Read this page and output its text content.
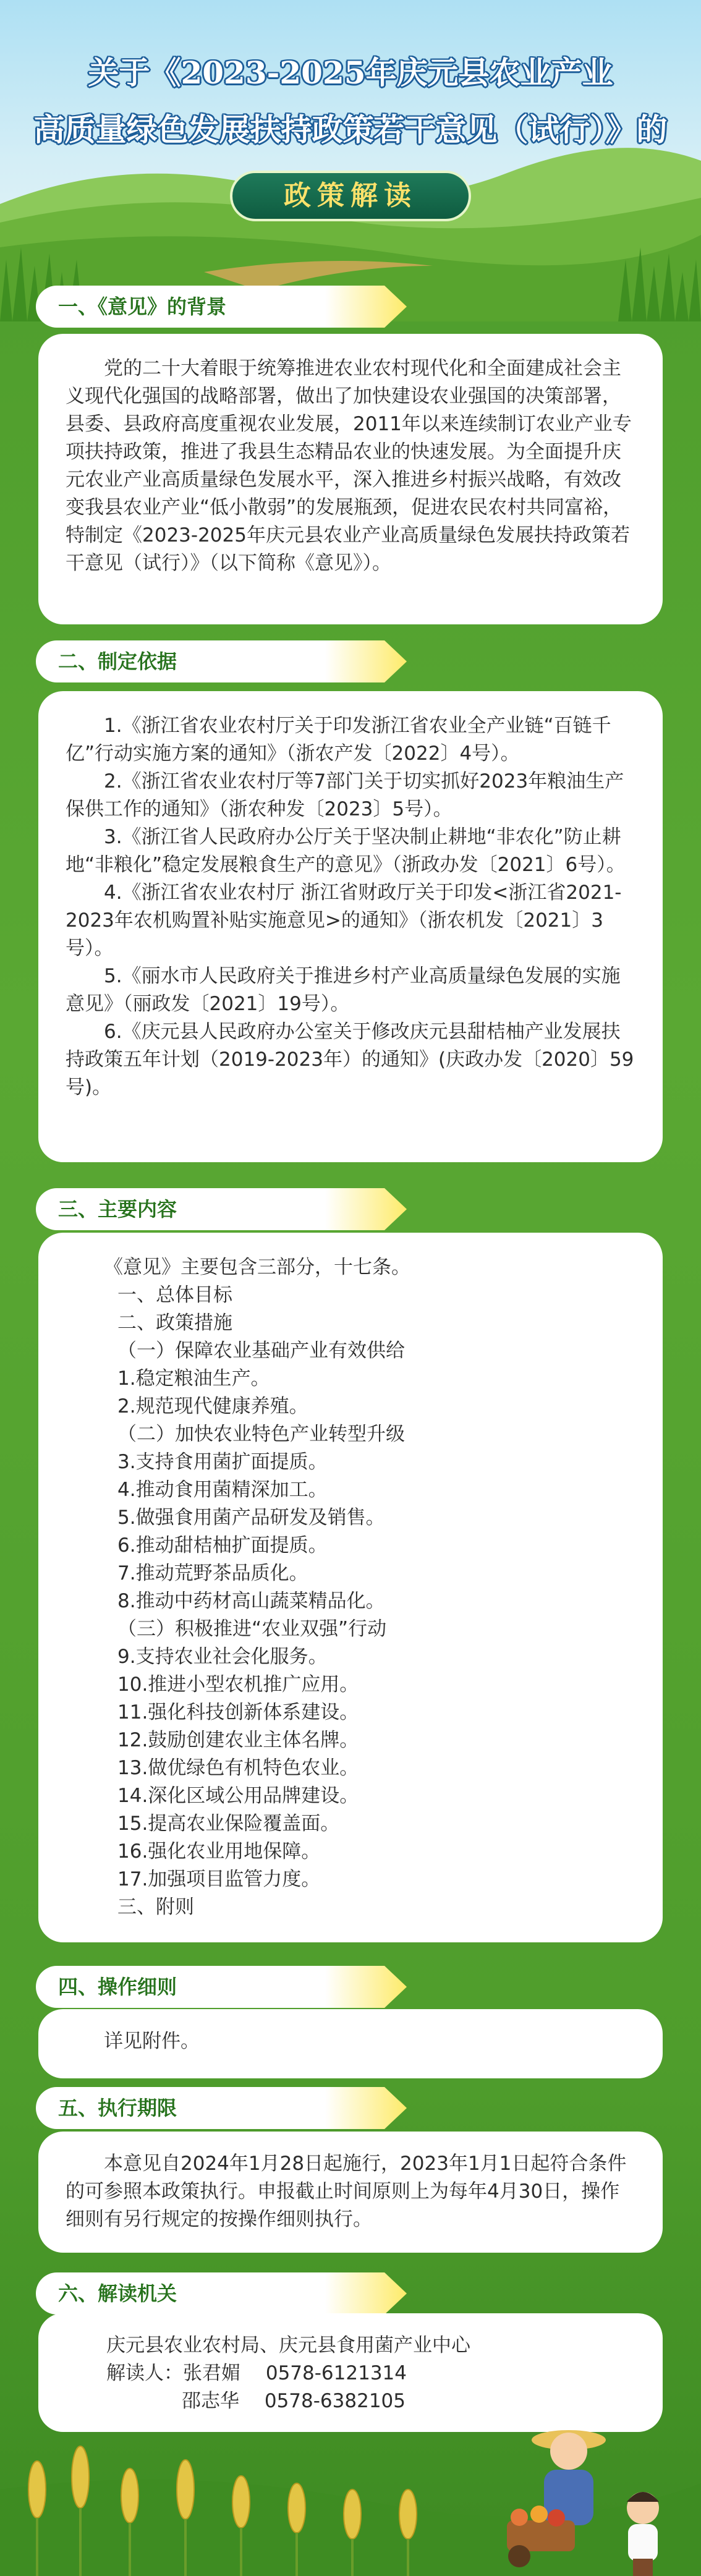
关于《2023-2025年庆元县农业产业
高质量绿色发展扶持政策若干意见（试行）》的
政策解读
一、《意见》的背景

党的二十大着眼于统筹推进农业农村现代化和全面建成社会主义现代化强国的战略部署，做出了加快建设农业强国的决策部署，县委、县政府高度重视农业发展，2011年以来连续制订农业产业专项扶持政策，推进了我县生态精品农业的快速发展。为全面提升庆元农业产业高质量绿色发展水平，深入推进乡村振兴战略，有效改变我县农业产业“低小散弱”的发展瓶颈，促进农民农村共同富裕，特制定《2023-2025年庆元县农业产业高质量绿色发展扶持政策若干意见（试行）》（以下简称《意见》）。

二、制定依据

1.《浙江省农业农村厅关于印发浙江省农业全产业链“百链千亿”行动实施方案的通知》（浙农产发〔2022〕4号）。

2.《浙江省农业农村厅等7部门关于切实抓好2023年粮油生产保供工作的通知》（浙农种发〔2023〕5号）。

3.《浙江省人民政府办公厅关于坚决制止耕地“非农化”防止耕地“非粮化”稳定发展粮食生产的意见》（浙政办发〔2021〕6号）。

4.《浙江省农业农村厅 浙江省财政厅关于印发<浙江省2021-2023年农机购置补贴实施意见>的通知》（浙农机发〔2021〕3号）。

5.《丽水市人民政府关于推进乡村产业高质量绿色发展的实施意见》（丽政发〔2021〕19号）。

6.《庆元县人民政府办公室关于修改庆元县甜桔柚产业发展扶持政策五年计划（2019-2023年）的通知》(庆政办发〔2020〕59号)。

三、主要内容

《意见》主要包含三部分，十七条。

一、总体目标

二、政策措施

（一）保障农业基础产业有效供给

1.稳定粮油生产。

2.规范现代健康养殖。

（二）加快农业特色产业转型升级

3.支持食用菌扩面提质。

4.推动食用菌精深加工。

5.做强食用菌产品研发及销售。

6.推动甜桔柚扩面提质。

7.推动荒野茶品质化。

8.推动中药材高山蔬菜精品化。

（三）积极推进“农业双强”行动

9.支持农业社会化服务。

10.推进小型农机推广应用。

11.强化科技创新体系建设。

12.鼓励创建农业主体名牌。

13.做优绿色有机特色农业。

14.深化区域公用品牌建设。

15.提高农业保险覆盖面。

16.强化农业用地保障。

17.加强项目监管力度。

三、附则

四、操作细则

详见附件。

五、执行期限

本意见自2024年1月28日起施行，2023年1月1日起符合条件的可参照本政策执行。申报截止时间原则上为每年4月30日，操作细则有另行规定的按操作细则执行。

六、解读机关

庆元县农业农村局、庆元县食用菌产业中心

解读人：张君媚　 0578-6121314

邵志华　 0578-6382105
